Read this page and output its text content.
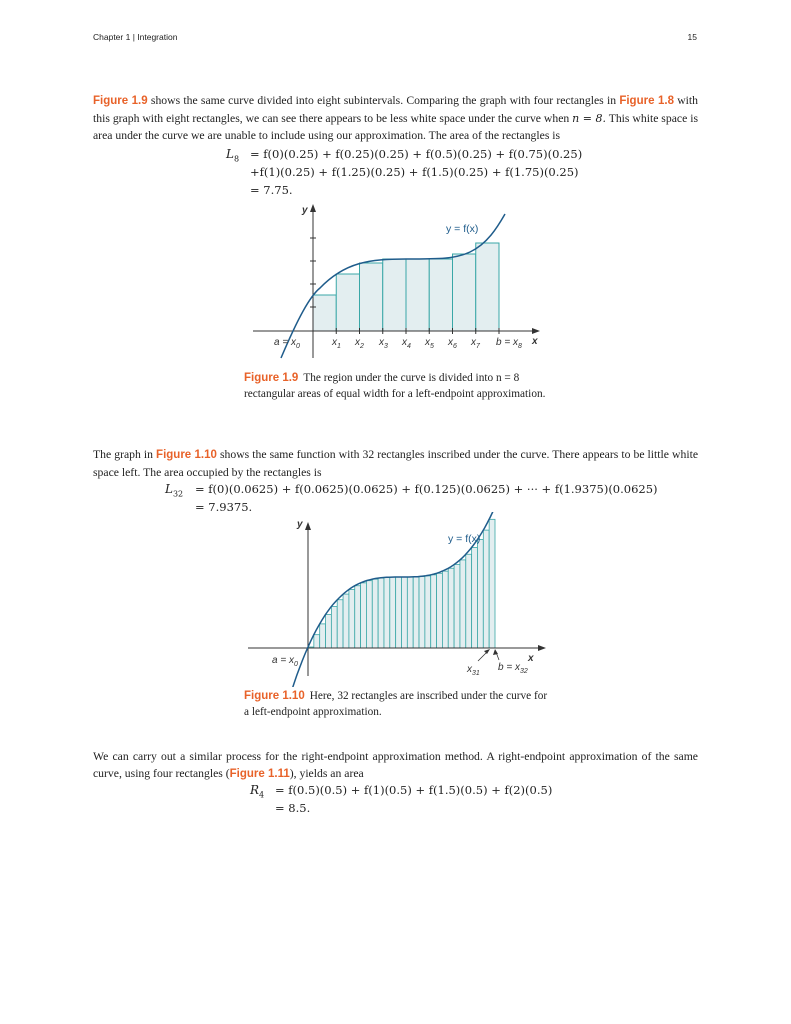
Chapter 1 | Integration	15
Figure 1.9 shows the same curve divided into eight subintervals. Comparing the graph with four rectangles in Figure 1.8 with this graph with eight rectangles, we can see there appears to be less white space under the curve when n = 8. This white space is area under the curve we are unable to include using our approximation. The area of the rectangles is
$L_8 = f(0)(0.25) + f(0.25)(0.25) + f(0.5)(0.25) + f(0.75)(0.25)$
+f(1)(0.25) + f(1.25)(0.25) + f(1.5)(0.25) + f(1.75)(0.25)
= 7.75.
y = f(x)
y
x
$a = x_0$	$x_1$ $x_2$ $x_3$ $x_4$ $x_5$ $x_6$ $x_7$ $b = x_8$
Figure 1.9 The region under the curve is divided into n = 8 rectangular areas of equal width for a left-endpoint approximation.
The graph in Figure 1.10 shows the same function with 32 rectangles inscribed under the curve. There appears to be little white space left. The area occupied by the rectangles is
$L_{32} = f(0)(0.0625) + f(0.0625)(0.0625) + f(0.125)(0.0625)$ + ··· + f(1.9375)(0.0625)
= 7.9375.
y = f(x)
y
x
$a = x_0$	$x_{31}$
$b = x_{32}$
Figure 1.10 Here, 32 rectangles are inscribed under the curve for a left-endpoint approximation.
We can carry out a similar process for the right-endpoint approximation method. A right-endpoint approximation of the same curve, using four rectangles (Figure 1.11), yields an area
$R_4 = f(0.5)(0.5) + f(1)(0.5) + f(1.5)(0.5) + f(2)(0.5)$
= 8.5.
